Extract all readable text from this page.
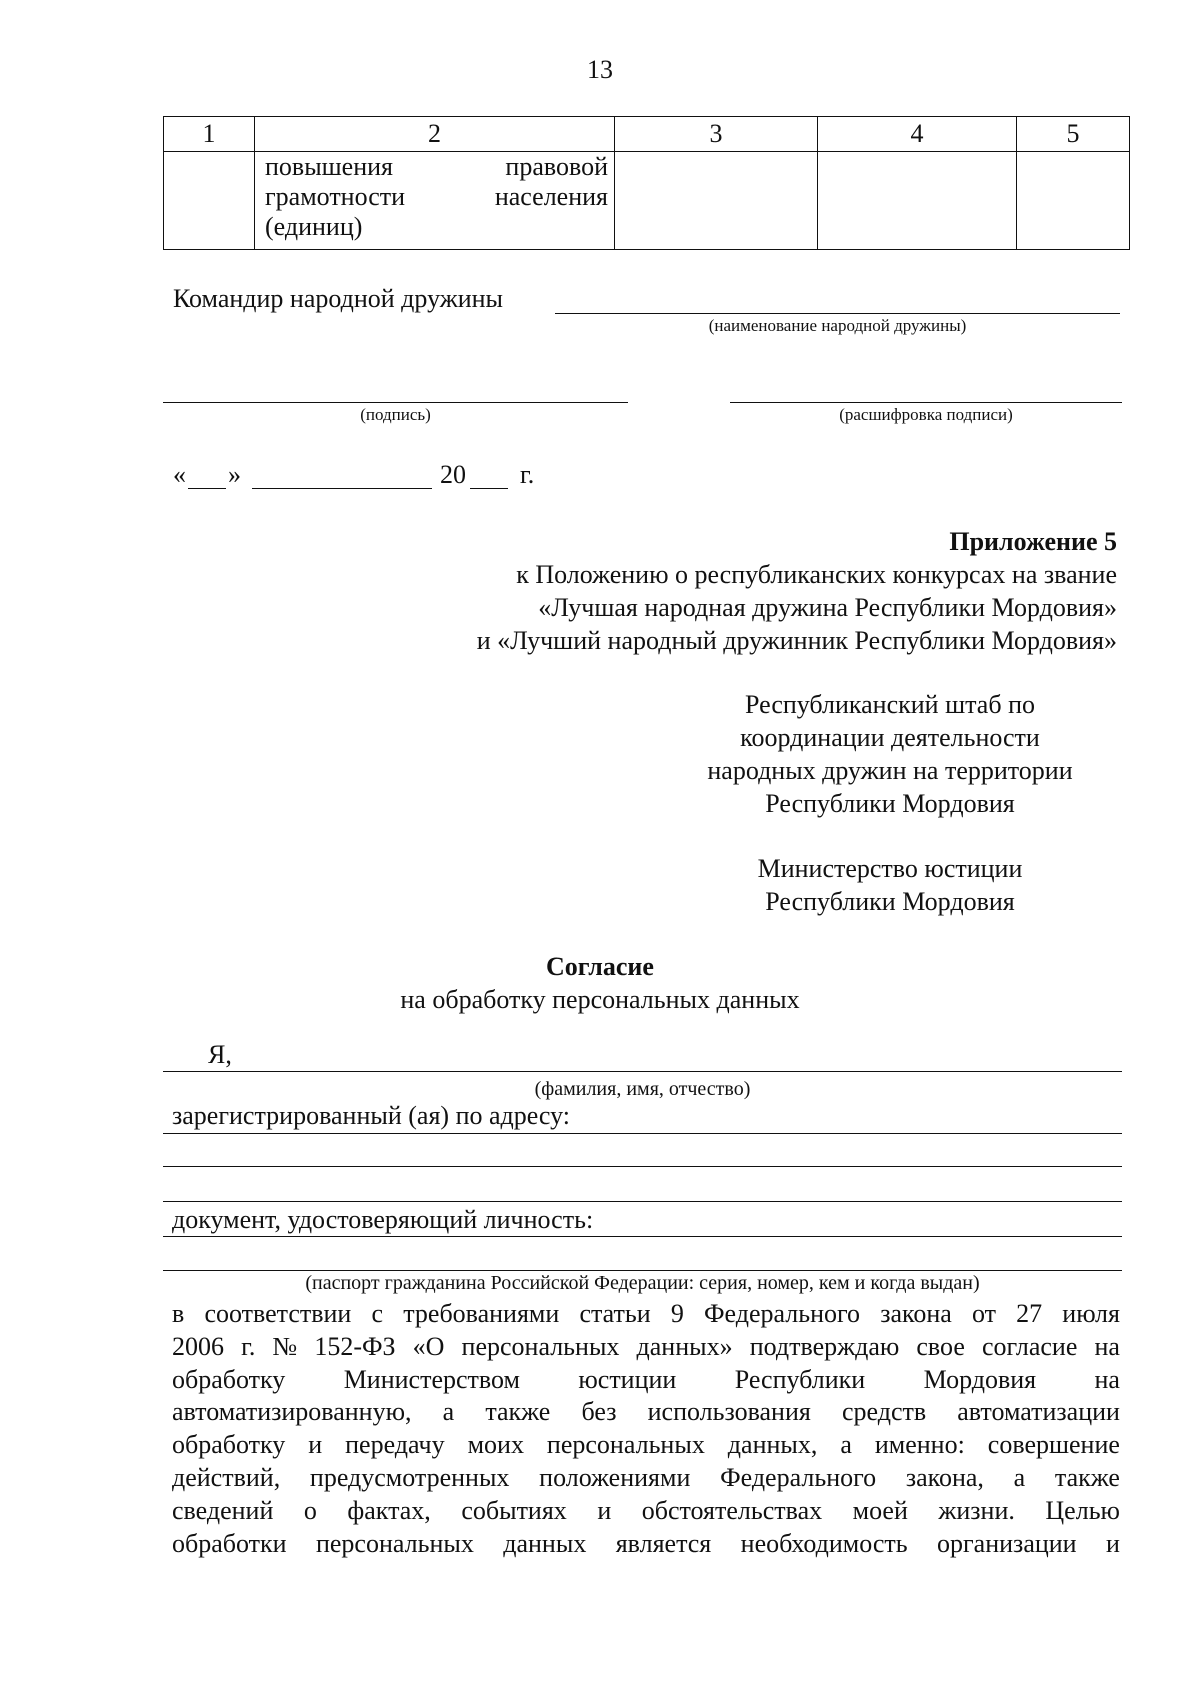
13
1	2	3	4	5

	повышения правовой
грамотности населения
(единиц)			

Командир народной дружины
(наименование народной дружины)
(подпись)	(расшифровка подписи)
« »	20 г.
Приложение 5
к Положению о республиканских конкурсах на звание
«Лучшая народная дружина Республики Мордовия»
и «Лучший народный дружинник Республики Мордовия»
Республиканский штаб по
координации деятельности
народных дружин на территории
Республики Мордовия
Министерство юстиции
Республики Мордовия
Согласие
на обработку персональных данных
Я,
(фамилия, имя, отчество)
зарегистрированный (ая) по адресу:
документ, удостоверяющий личность:
(паспорт гражданина Российской Федерации: серия, номер, кем и когда выдан)
в соответствии с требованиями статьи 9 Федерального закона от 27 июля
2006 г. № 152-ФЗ «О персональных данных» подтверждаю свое согласие на
обработку Министерством юстиции Республики Мордовия на
автоматизированную, а также без использования средств автоматизации
обработку и передачу моих персональных данных, а именно: совершение
действий, предусмотренных положениями Федерального закона, а также
сведений о фактах, событиях и обстоятельствах моей жизни. Целью
обработки персональных данных является необходимость организации и
